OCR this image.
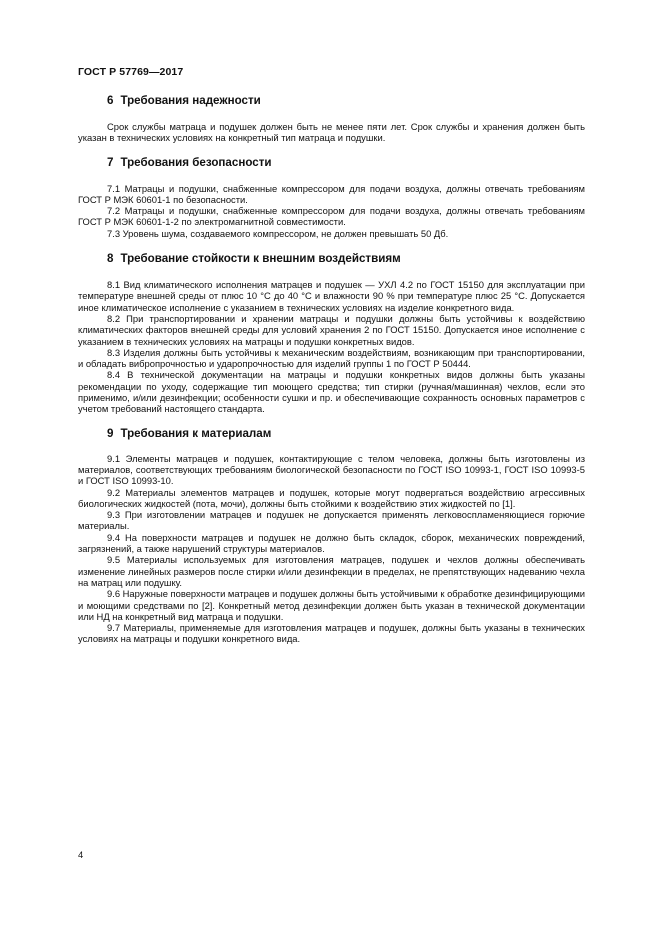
ГОСТ Р 57769—2017
6 Требования надежности

Срок службы матраца и подушек должен быть не менее пяти лет. Срок службы и хранения должен быть указан в технических условиях на конкретный тип матраца и подушки.

7 Требования безопасности

7.1 Матрацы и подушки, снабженные компрессором для подачи воздуха, должны отвечать требованиям ГОСТ Р МЭК 60601-1 по безопасности.

7.2 Матрацы и подушки, снабженные компрессором для подачи воздуха, должны отвечать требованиям ГОСТ Р МЭК 60601-1-2 по электромагнитной совместимости.

7.3 Уровень шума, создаваемого компрессором, не должен превышать 50 Дб.

8 Требование стойкости к внешним воздействиям

8.1 Вид климатического исполнения матрацев и подушек — УХЛ 4.2 по ГОСТ 15150 для эксплуатации при температуре внешней среды от плюс 10 °С до 40 °С и влажности 90 % при температуре плюс 25 °С. Допускается иное климатическое исполнение с указанием в технических условиях на изделие конкретного вида.

8.2 При транспортировании и хранении матрацы и подушки должны быть устойчивы к воздействию климатических факторов внешней среды для условий хранения 2 по ГОСТ 15150. Допускается иное исполнение с указанием в технических условиях на матрацы и подушки конкретных видов.

8.3 Изделия должны быть устойчивы к механическим воздействиям, возникающим при транспортировании, и обладать вибропрочностью и ударопрочностью для изделий группы 1 по ГОСТ Р 50444.

8.4 В технической документации на матрацы и подушки конкретных видов должны быть указаны рекомендации по уходу, содержащие тип моющего средства; тип стирки (ручная/машинная) чехлов, если это применимо, и/или дезинфекции; особенности сушки и пр. и обеспечивающие сохранность основных параметров с учетом требований настоящего стандарта.

9 Требования к материалам

9.1 Элементы матрацев и подушек, контактирующие с телом человека, должны быть изготовлены из материалов, соответствующих требованиям биологической безопасности по ГОСТ ISO 10993-1, ГОСТ ISO 10993-5 и ГОСТ ISO 10993-10.

9.2 Материалы элементов матрацев и подушек, которые могут подвергаться воздействию агрессивных биологических жидкостей (пота, мочи), должны быть стойкими к воздействию этих жидкостей по [1].

9.3 При изготовлении матрацев и подушек не допускается применять легковоспламеняющиеся горючие материалы.

9.4 На поверхности матрацев и подушек не должно быть складок, сборок, механических повреждений, загрязнений, а также нарушений структуры материалов.

9.5 Материалы используемых для изготовления матрацев, подушек и чехлов должны обеспечивать изменение линейных размеров после стирки и/или дезинфекции в пределах, не препятствующих надеванию чехла на матрац или подушку.

9.6 Наружные поверхности матрацев и подушек должны быть устойчивыми к обработке дезинфицирующими и моющими средствами по [2]. Конкретный метод дезинфекции должен быть указан в технической документации или НД на конкретный вид матраца и подушки.

9.7 Материалы, применяемые для изготовления матрацев и подушек, должны быть указаны в технических условиях на матрацы и подушки конкретного вида.

4
